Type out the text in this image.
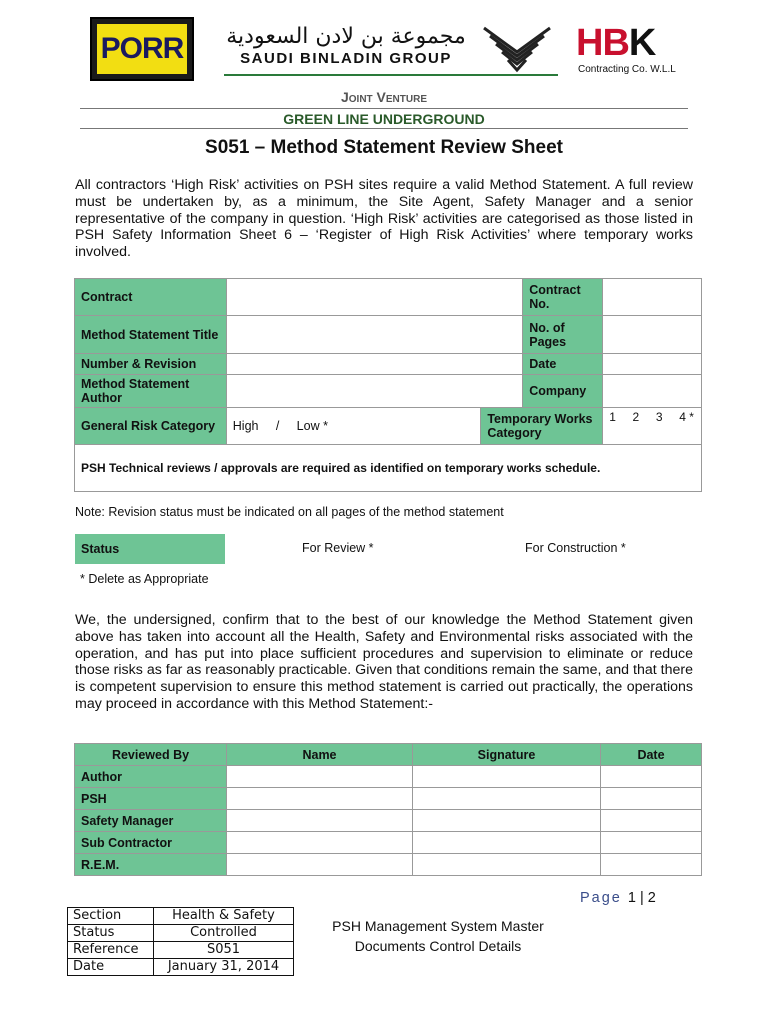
PORR مجموعة بن لادن السعودية
SAUDI BINLADIN GROUP	HBK
Contracting Co. W.L.L
Joint Venture
GREEN LINE UNDERGROUND
S051 – Method Statement Review Sheet
All contractors ‘High Risk’ activities on PSH sites require a valid Method Statement. A full review must be undertaken by, as a minimum, the Site Agent, Safety Manager and a senior representative of the company in question. ‘High Risk’ activities are categorised as those listed in PSH Safety Information Sheet 6 – ‘Register of High Risk Activities’ where temporary works involved.
Contract			Contract No.	
Method Statement Title			No. of Pages	
Number & Revision			Date	
Method Statement Author			Company	
General Risk Category	High     /     Low *	Temporary Works Category		1     2     3     4 *
PSH Technical reviews / approvals are required as identified on temporary works schedule.				
Note: Revision status must be indicated on all pages of the method statement
Status	For Review *	For Construction *
* Delete as Appropriate
We, the undersigned, confirm that to the best of our knowledge the Method Statement given above has taken into account all the Health, Safety and Environmental risks associated with the operation, and has put into place sufficient procedures and supervision to eliminate or reduce those risks as far as reasonably practicable. Given that conditions remain the same, and that there is competent supervision to ensure this method statement is carried out practically, the operations may proceed in accordance with this Method Statement:-
Reviewed By	Name	Signature	Date
Author			
PSH			
Safety Manager			
Sub Contractor			
R.E.M.			
Page 1 | 2
Section	Health & Safety
Status	Controlled
Reference	S051
Date	January 31, 2014
PSH Management System Master Documents Control Details
